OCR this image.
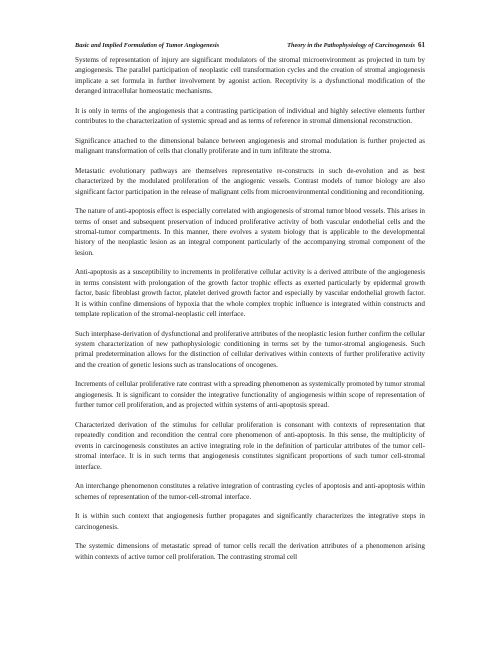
Basic and Implied Formulation of Tumor Angiogenesis	Theory in the Pathophysiology of Carcinogenesis 61

Systems of representation of injury are significant modulators of the stromal microenvironment as projected in turn by angiogenesis. The parallel participation of neoplastic cell transformation cycles and the creation of stromal angiogenesis implicate a set formula in further involvement by agonist action. Receptivity is a dysfunctional modification of the deranged intracellular homeostatic mechanisms.

It is only in terms of the angiogenesis that a contrasting participation of individual and highly selective elements further contributes to the characterization of systemic spread and as terms of reference in stromal dimensional reconstruction.

Significance attached to the dimensional balance between angiogenesis and stromal modulation is further projected as malignant transformation of cells that clonally proliferate and in turn infiltrate the stroma.

Metastatic evolutionary pathways are themselves representative re-constructs in such de-evolution and as best characterized by the modulated proliferation of the angiogenic vessels. Contrast models of tumor biology are also significant factor participation in the release of malignant cells from microenvironmental conditioning and reconditioning.

The nature of anti-apoptosis effect is especially correlated with angiogenesis of stromal tumor blood vessels. This arises in terms of onset and subsequent preservation of induced proliferative activity of both vascular endothelial cells and the stromal-tumor compartments. In this manner, there evolves a system biology that is applicable to the developmental history of the neoplastic lesion as an integral component particularly of the accompanying stromal component of the lesion.

Anti-apoptosis as a susceptibility to increments in proliferative cellular activity is a derived attribute of the angiogenesis in terms consistent with prolongation of the growth factor trophic effects as exerted particularly by epidermal growth factor, basic fibroblast growth factor, platelet derived growth factor and especially by vascular endothelial growth factor. It is within confine dimensions of hypoxia that the whole complex trophic influence is integrated within constructs and template replication of the stromal-neoplastic cell interface.

Such interphase-derivation of dysfunctional and proliferative attributes of the neoplastic lesion further confirm the cellular system characterization of new pathophysiologic conditioning in terms set by the tumor-stromal angiogenesis. Such primal predetermination allows for the distinction of cellular derivatives within contexts of further proliferative activity and the creation of genetic lesions such as translocations of oncogenes.

Increments of cellular proliferative rate contrast with a spreading phenomenon as systemically promoted by tumor stromal angiogenesis. It is significant to consider the integrative functionality of angiogenesis within scope of representation of further tumor cell proliferation, and as projected within systems of anti-apoptosis spread.

Characterized derivation of the stimulus for cellular proliferation is consonant with contexts of representation that repeatedly condition and recondition the central core phenomenon of anti-apoptosis. In this sense, the multiplicity of events in carcinogenesis constitutes an active integrating role in the definition of particular attributes of the tumor cell-stromal interface. It is in such terms that angiogenesis constitutes significant proportions of such tumor cell-stromal interface.

An interchange phenomenon constitutes a relative integration of contrasting cycles of apoptosis and anti-apoptosis within schemes of representation of the tumor-cell-stromal interface.

It is within such context that angiogenesis further propagates and significantly characterizes the integrative steps in carcinogenesis.

The systemic dimensions of metastatic spread of tumor cells recall the derivation attributes of a phenomenon arising within contexts of active tumor cell proliferation. The contrasting stromal cell
